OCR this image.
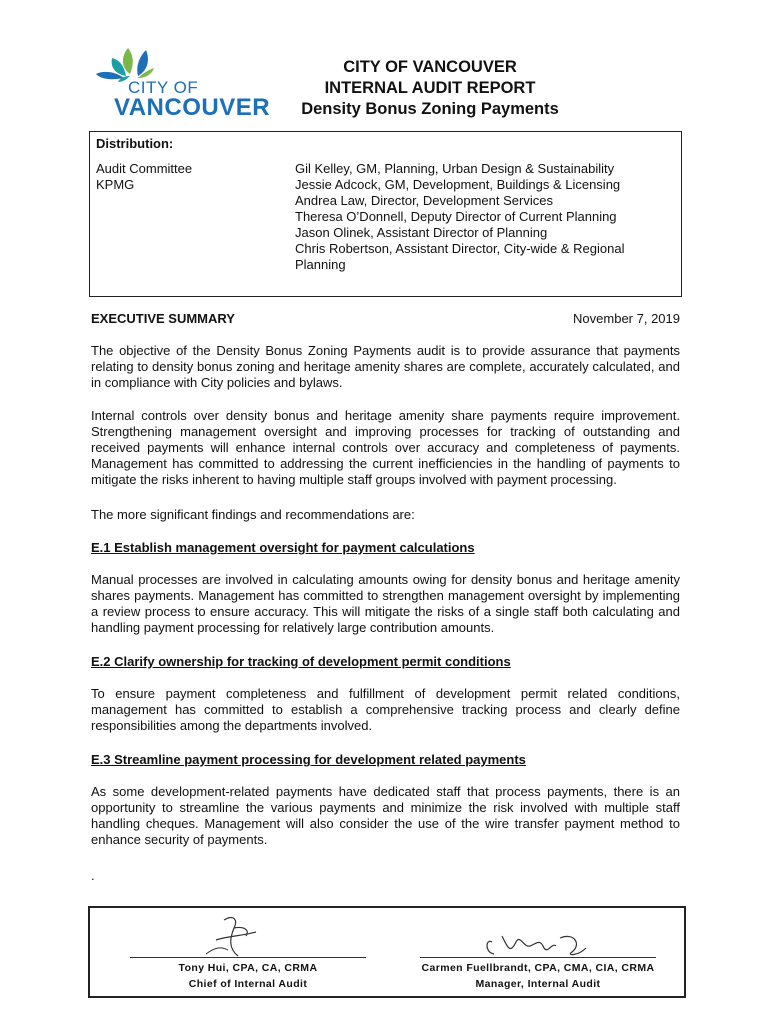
CITY OF
VANCOUVER
CITY OF VANCOUVER
INTERNAL AUDIT REPORT
Density Bonus Zoning Payments
Distribution:
Audit Committee
KPMG
Gil Kelley, GM, Planning, Urban Design & Sustainability
Jessie Adcock, GM, Development, Buildings & Licensing
Andrea Law, Director, Development Services
Theresa O’Donnell, Deputy Director of Current Planning
Jason Olinek, Assistant Director of Planning
Chris Robertson, Assistant Director, City-wide & Regional
Planning
EXECUTIVE SUMMARY	November 7, 2019
The objective of the Density Bonus Zoning Payments audit is to provide assurance that payments relating to density bonus zoning and heritage amenity shares are complete, accurately calculated, and in compliance with City policies and bylaws.
Internal controls over density bonus and heritage amenity share payments require improvement. Strengthening management oversight and improving processes for tracking of outstanding and received payments will enhance internal controls over accuracy and completeness of payments. Management has committed to addressing the current inefficiencies in the handling of payments to mitigate the risks inherent to having multiple staff groups involved with payment processing.
The more significant findings and recommendations are:
E.1 Establish management oversight for payment calculations
Manual processes are involved in calculating amounts owing for density bonus and heritage amenity shares payments. Management has committed to strengthen management oversight by implementing a review process to ensure accuracy. This will mitigate the risks of a single staff both calculating and handling payment processing for relatively large contribution amounts.
E.2 Clarify ownership for tracking of development permit conditions
To ensure payment completeness and fulfillment of development permit related conditions, management has committed to establish a comprehensive tracking process and clearly define responsibilities among the departments involved.
E.3 Streamline payment processing for development related payments
As some development-related payments have dedicated staff that process payments, there is an opportunity to streamline the various payments and minimize the risk involved with multiple staff handling cheques. Management will also consider the use of the wire transfer payment method to enhance security of payments.
.
Tony Hui, CPA, CA, CRMA
Chief of Internal Audit
Carmen Fuellbrandt, CPA, CMA, CIA, CRMA
Manager, Internal Audit
